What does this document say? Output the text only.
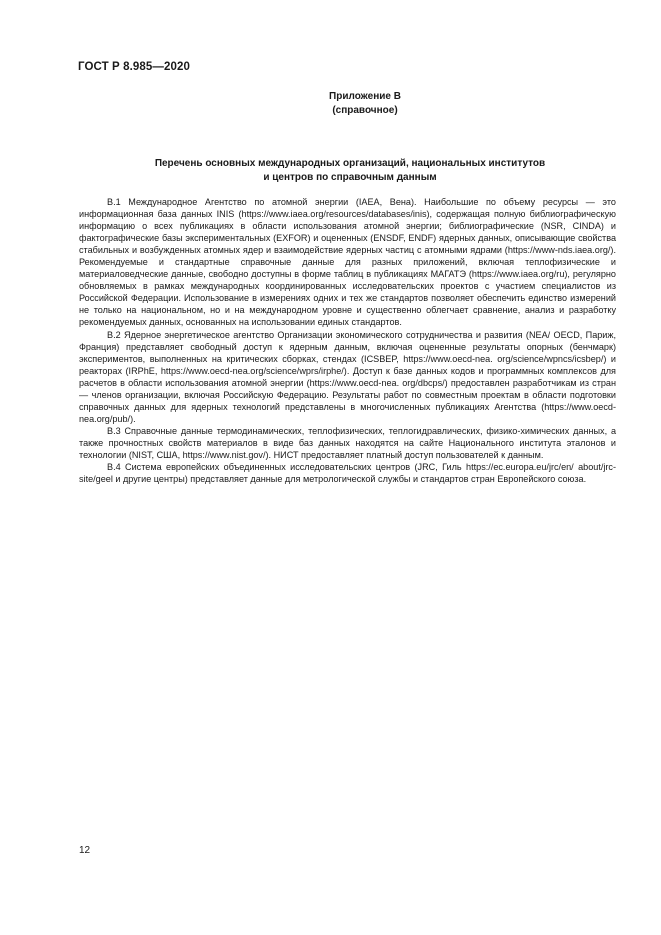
ГОСТ Р 8.985—2020
Приложение В
(справочное)
Перечень основных международных организаций, национальных институтов
и центров по справочным данным

В.1 Международное Агентство по атомной энергии (IAEA, Вена). Наибольшие по объему ресурсы — это информационная база данных INIS (https://www.iaea.org/resources/databases/inis), содержащая полную библиографическую информацию о всех публикациях в области использования атомной энергии; библиографические (NSR, CINDA) и фактографические базы экспериментальных (EXFOR) и оцененных (ENSDF, ENDF) ядерных данных, описывающие свойства стабильных и возбужденных атомных ядер и взаимодействие ядерных частиц с атомными ядрами (https://www-nds.iaea.org/). Рекомендуемые и стандартные справочные данные для разных приложений, включая теплофизические и материаловедческие данные, свободно доступны в форме таблиц в публикациях МАГАТЭ (https://www.iaea.org/ru), регулярно обновляемых в рамках международных координированных исследовательских проектов с участием специалистов из Российской Федерации. Использование в измерениях одних и тех же стандартов позволяет обеспечить единство измерений не только на национальном, но и на международном уровне и существенно облегчает сравнение, анализ и разработку рекомендуемых данных, основанных на использовании единых стандартов.

В.2 Ядерное энергетическое агентство Организации экономического сотрудничества и развития (NEA/ OECD, Париж, Франция) представляет свободный доступ к ядерным данным, включая оцененные результаты опорных (бенчмарк) экспериментов, выполненных на критических сборках, стендах (ICSBEP, https://www.oecd-nea. org/science/wpncs/icsbep/) и реакторах (IRPhE, https://www.oecd-nea.org/science/wprs/irphe/). Доступ к базе данных кодов и программных комплексов для расчетов в области использования атомной энергии (https://www.oecd-nea. org/dbcps/) предоставлен разработчикам из стран — членов организации, включая Российскую Федерацию. Результаты работ по совместным проектам в области подготовки справочных данных для ядерных технологий представлены в многочисленных публикациях Агентства (https://www.oecd-nea.org/pub/).

В.3 Справочные данные термодинамических, теплофизических, теплогидравлических, физико-химических данных, а также прочностных свойств материалов в виде баз данных находятся на сайте Национального института эталонов и технологии (NIST, США, https://www.nist.gov/). НИСТ предоставляет платный доступ пользователей к данным.

В.4 Система европейских объединенных исследовательских центров (JRC, Гиль https://ec.europa.eu/jrc/en/ about/jrc-site/geel и другие центры) представляет данные для метрологической службы и стандартов стран Европейского союза.

12
